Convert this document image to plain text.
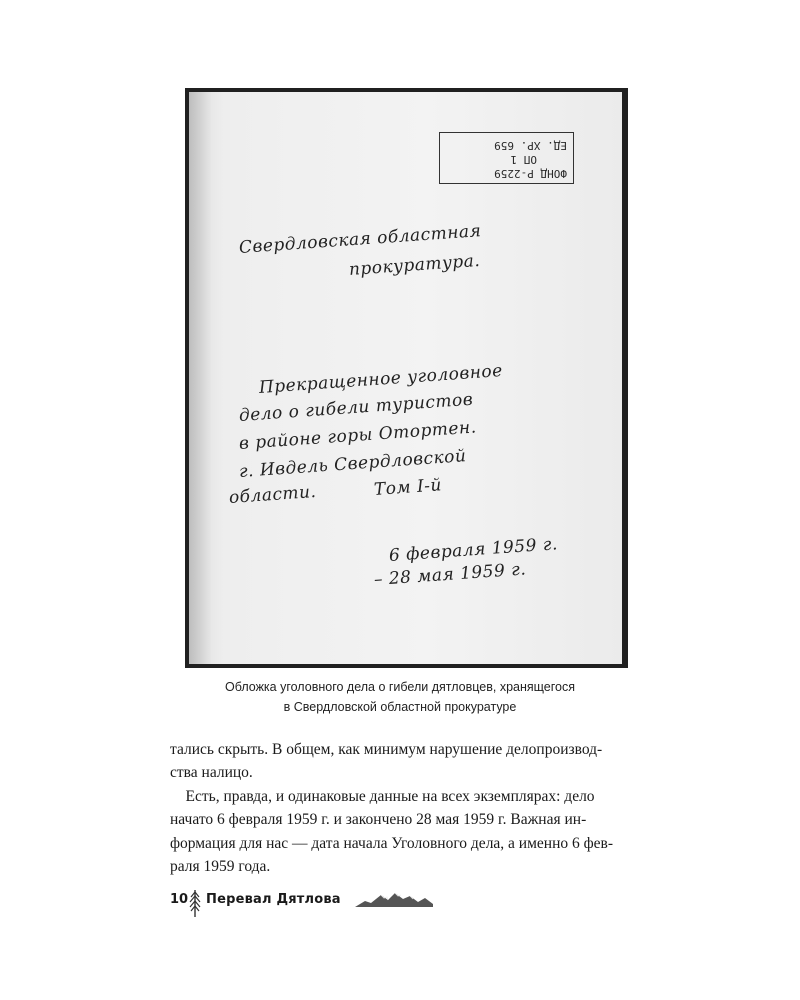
ФОНД Р-2259
ОП 1
ЕД. ХР. 659
Свердловская областная
прокуратура.
Прекращенное уголовное
дело о гибели туристов
в районе горы Отортен.
г. Ивдель Свердловской
области.	Том I-й
6 февраля 1959 г.
– 28 мая 1959 г.
Обложка уголовного дела о гибели дятловцев, хранящегося
в Свердловской областной прокуратуре
тались скрыть. В общем, как минимум нарушение делопроизвод-
ства налицо.
Есть, правда, и одинаковые данные на всех экземплярах: дело
начато 6 февраля 1959 г. и закончено 28 мая 1959 г. Важная ин-
формация для нас — дата начала Уголовного дела, а именно 6 фев-
раля 1959 года.
10 Перевал Дятлова
